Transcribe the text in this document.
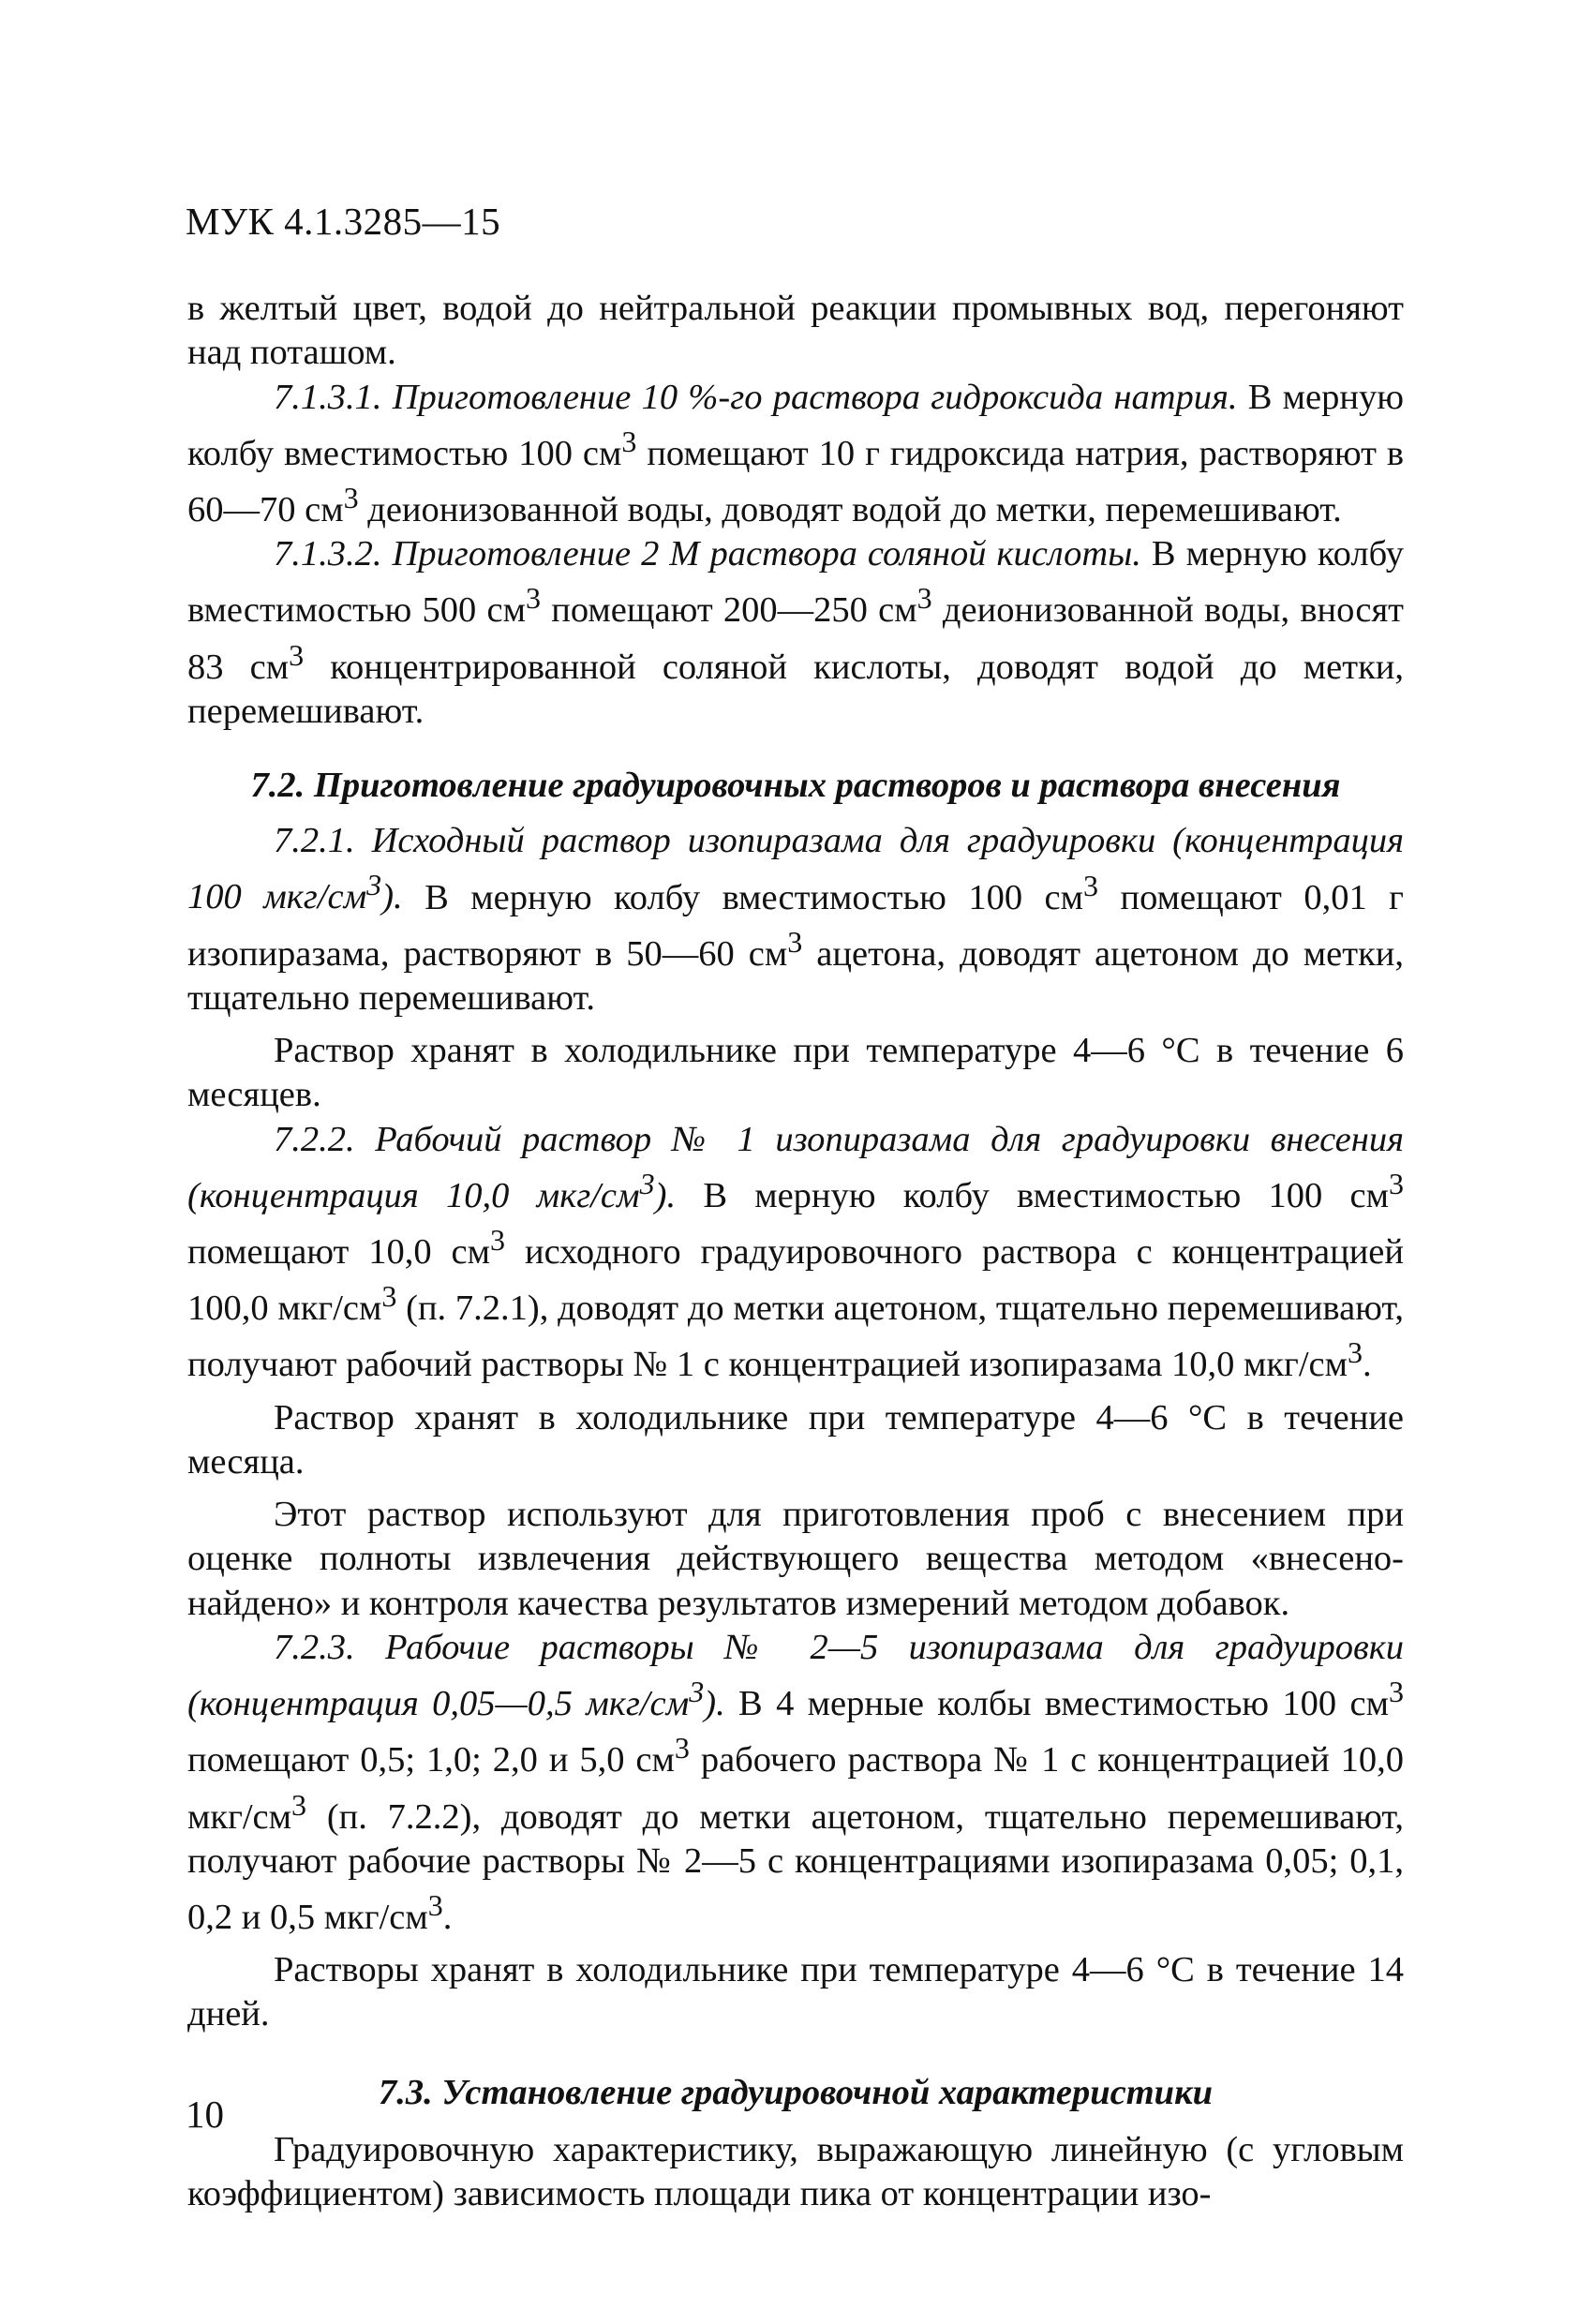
МУК 4.1.3285—15

в желтый цвет, водой до нейтральной реакции промывных вод, перегоняют над поташом.

7.1.3.1. Приготовление 10 %-го раствора гидроксида натрия. В мерную колбу вместимостью 100 $см^3$ помещают 10 г гидроксида натрия, растворяют в 60—70 $см^3$ деионизованной воды, доводят водой до метки, перемешивают.

7.1.3.2. Приготовление 2 М раствора соляной кислоты. В мерную колбу вместимостью 500 $см^3$ помещают 200—250 $см^3$ деионизованной воды, вносят 83 $см^3$ концентрированной соляной кислоты, доводят водой до метки, перемешивают.

7.2. Приготовление градуировочных растворов и раствора внесения

7.2.1. Исходный раствор изопиразама для градуировки (концентрация 100 мкг/$см^3$). В мерную колбу вместимостью 100 $см^3$ помещают 0,01 г изопиразама, растворяют в 50—60 $см^3$ ацетона, доводят ацетоном до метки, тщательно перемешивают.

Раствор хранят в холодильнике при температуре 4—6 °С в течение 6 месяцев.

7.2.2. Рабочий раствор № 1 изопиразама для градуировки внесения (концентрация 10,0 мкг/$см^3$). В мерную колбу вместимостью 100 $см^3$ помещают 10,0 $см^3$ исходного градуировочного раствора с концентрацией 100,0 мкг/$см^3$ (п. 7.2.1), доводят до метки ацетоном, тщательно перемешивают, получают рабочий растворы № 1 с концентрацией изопиразама 10,0 мкг/$см^3$.

Раствор хранят в холодильнике при температуре 4—6 °С в течение месяца.

Этот раствор используют для приготовления проб с внесением при оценке полноты извлечения действующего вещества методом «внесено-найдено» и контроля качества результатов измерений методом добавок.

7.2.3. Рабочие растворы № 2—5 изопиразама для градуировки (концентрация 0,05—0,5 мкг/$см^3$). В 4 мерные колбы вместимостью 100 $см^3$ помещают 0,5; 1,0; 2,0 и 5,0 $см^3$ рабочего раствора № 1 с концентрацией 10,0 мкг/$см^3$ (п. 7.2.2), доводят до метки ацетоном, тщательно перемешивают, получают рабочие растворы № 2—5 с концентрациями изопиразама 0,05; 0,1, 0,2 и 0,5 мкг/$см^3$.

Растворы хранят в холодильнике при температуре 4—6 °С в течение 14 дней.

7.3. Установление градуировочной характеристики

Градуировочную характеристику, выражающую линейную (с угловым коэффициентом) зависимость площади пика от концентрации изо-

10
